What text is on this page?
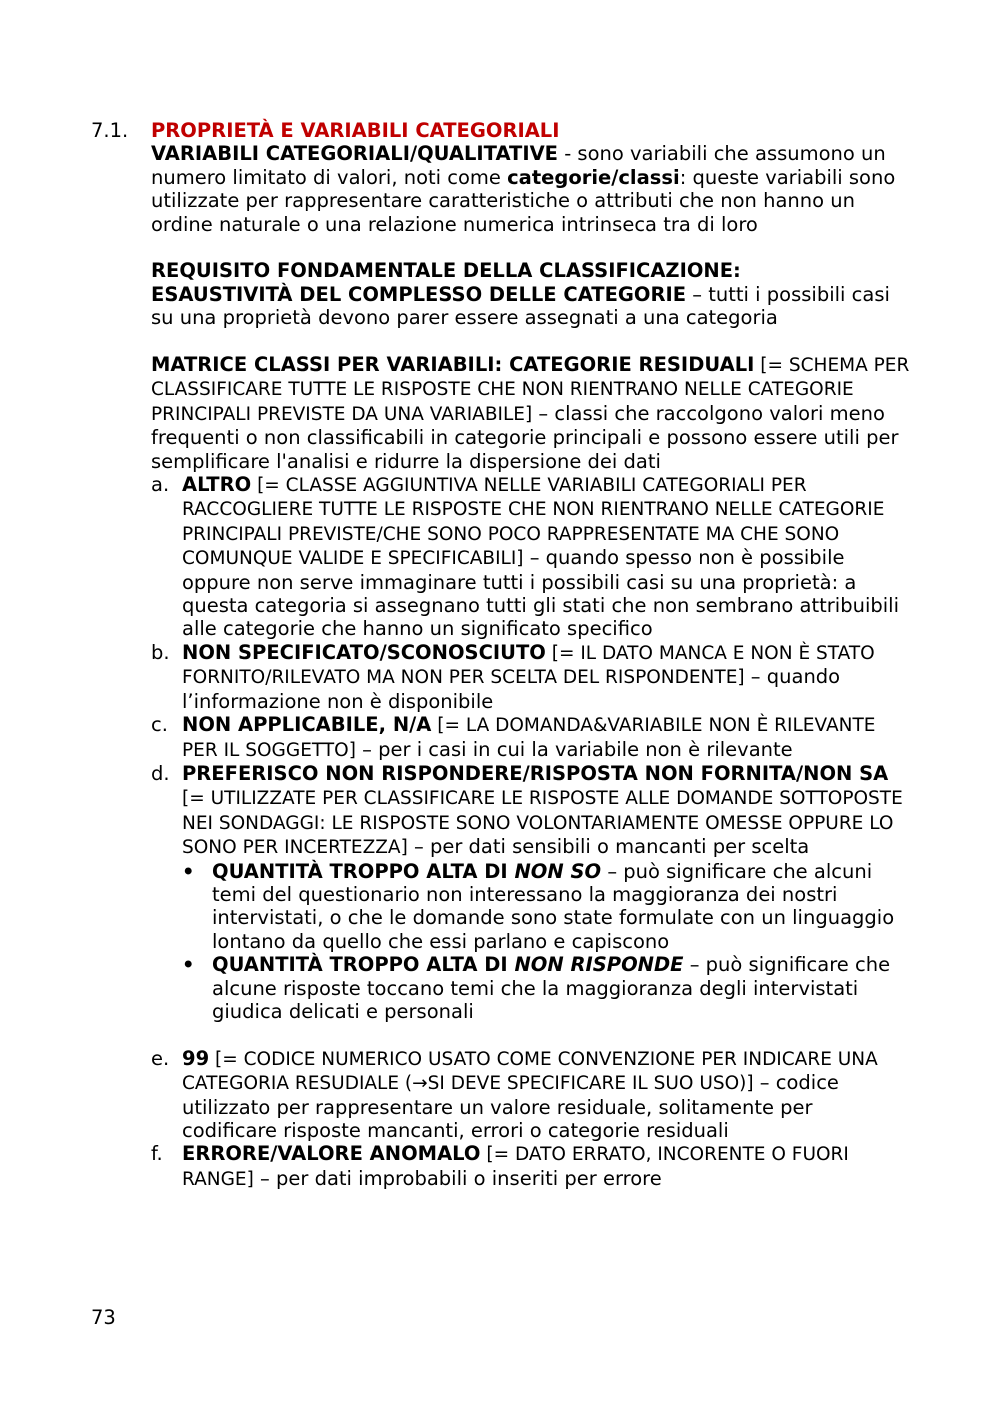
7.1. PROPRIETÀ E VARIABILI CATEGORIALI

VARIABILI CATEGORIALI/QUALITATIVE - sono variabili che assumono un numero limitato di valori, noti come categorie/classi: queste variabili sono utilizzate per rappresentare caratteristiche o attributi che non hanno un ordine naturale o una relazione numerica intrinseca tra di loro

REQUISITO FONDAMENTALE DELLA CLASSIFICAZIONE:
ESAUSTIVITÀ DEL COMPLESSO DELLE CATEGORIE – tutti i possibili casi su una proprietà devono parer essere assegnati a una categoria

MATRICE CLASSI PER VARIABILI: CATEGORIE RESIDUALI [= SCHEMA PER CLASSIFICARE TUTTE LE RISPOSTE CHE NON RIENTRANO NELLE CATEGORIE PRINCIPALI PREVISTE DA UNA VARIABILE] – classi che raccolgono valori meno frequenti o non classificabili in categorie principali e possono essere utili per semplificare l'analisi e ridurre la dispersione dei dati

a. ALTRO [= CLASSE AGGIUNTIVA NELLE VARIABILI CATEGORIALI PER RACCOGLIERE TUTTE LE RISPOSTE CHE NON RIENTRANO NELLE CATEGORIE PRINCIPALI PREVISTE/CHE SONO POCO RAPPRESENTATE MA CHE SONO COMUNQUE VALIDE E SPECIFICABILI] – quando spesso non è possibile oppure non serve immaginare tutti i possibili casi su una proprietà: a questa categoria si assegnano tutti gli stati che non sembrano attribuibili alle categorie che hanno un significato specifico
b. NON SPECIFICATO/SCONOSCIUTO [= IL DATO MANCA E NON È STATO FORNITO/RILEVATO MA NON PER SCELTA DEL RISPONDENTE] – quando l’informazione non è disponibile
c. NON APPLICABILE, N/A [= LA DOMANDA&VARIABILE NON È RILEVANTE PER IL SOGGETTO] – per i casi in cui la variabile non è rilevante
d. PREFERISCO NON RISPONDERE/RISPOSTA NON FORNITA/NON SA [= UTILIZZATE PER CLASSIFICARE LE RISPOSTE ALLE DOMANDE SOTTOPOSTE NEI SONDAGGI: LE RISPOSTE SONO VOLONTARIAMENTE OMESSE OPPURE LO SONO PER INCERTEZZA] – per dati sensibili o mancanti per scelta
• QUANTITÀ TROPPO ALTA DI NON SO – può significare che alcuni temi del questionario non interessano la maggioranza dei nostri intervistati, o che le domande sono state formulate con un linguaggio lontano da quello che essi parlano e capiscono
• QUANTITÀ TROPPO ALTA DI NON RISPONDE – può significare che alcune risposte toccano temi che la maggioranza degli intervistati giudica delicati e personali
e. 99 [= CODICE NUMERICO USATO COME CONVENZIONE PER INDICARE UNA CATEGORIA RESUDIALE (→SI DEVE SPECIFICARE IL SUO USO)] – codice utilizzato per rappresentare un valore residuale, solitamente per codificare risposte mancanti, errori o categorie residuali
f. ERRORE/VALORE ANOMALO [= DATO ERRATO, INCORENTE O FUORI RANGE] – per dati improbabili o inseriti per errore
73
